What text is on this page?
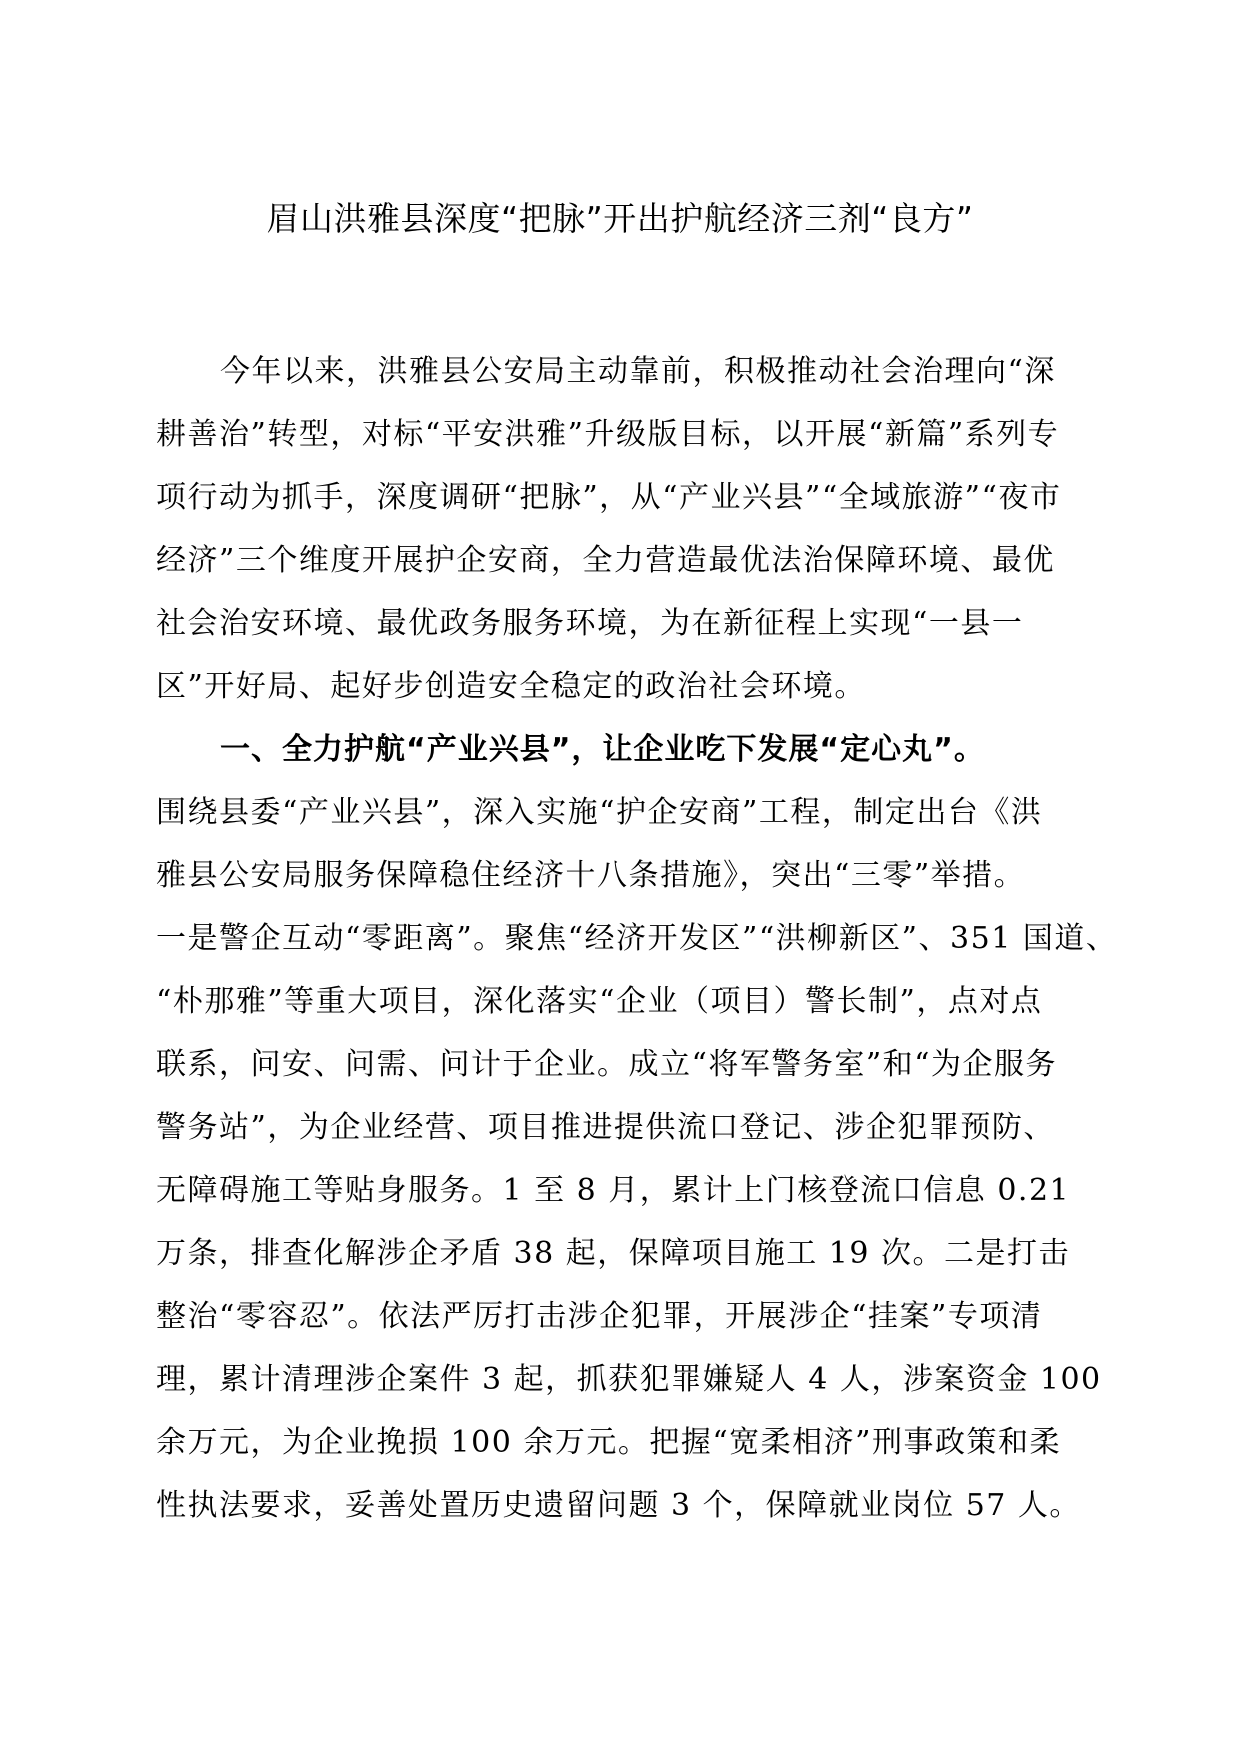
眉山洪雅县深度“把脉”开出护航经济三剂“良方”
今年以来，洪雅县公安局主动靠前，积极推动社会治理向“深
耕善治”转型，对标“平安洪雅”升级版目标，以开展“新篇”系列专
项行动为抓手，深度调研“把脉”，从“产业兴县”“全域旅游”“夜市
经济”三个维度开展护企安商，全力营造最优法治保障环境、最优
社会治安环境、最优政务服务环境，为在新征程上实现“一县一
区”开好局、起好步创造安全稳定的政治社会环境。
一、全力护航“产业兴县”，让企业吃下发展“定心丸”。
围绕县委“产业兴县”，深入实施“护企安商”工程，制定出台《洪
雅县公安局服务保障稳住经济十八条措施》，突出“三零”举措。
一是警企互动“零距离”。聚焦“经济开发区”“洪柳新区”、351 国道、
“朴那雅”等重大项目，深化落实“企业（项目）警长制”，点对点
联系，问安、问需、问计于企业。成立“将军警务室”和“为企服务
警务站”，为企业经营、项目推进提供流口登记、涉企犯罪预防、
无障碍施工等贴身服务。1 至 8 月，累计上门核登流口信息 0.21
万条，排查化解涉企矛盾 38 起，保障项目施工 19 次。二是打击
整治“零容忍”。依法严厉打击涉企犯罪，开展涉企“挂案”专项清
理，累计清理涉企案件 3 起，抓获犯罪嫌疑人 4 人，涉案资金 100
余万元，为企业挽损 100 余万元。把握“宽柔相济”刑事政策和柔
性执法要求，妥善处置历史遗留问题 3 个，保障就业岗位 57 人。
